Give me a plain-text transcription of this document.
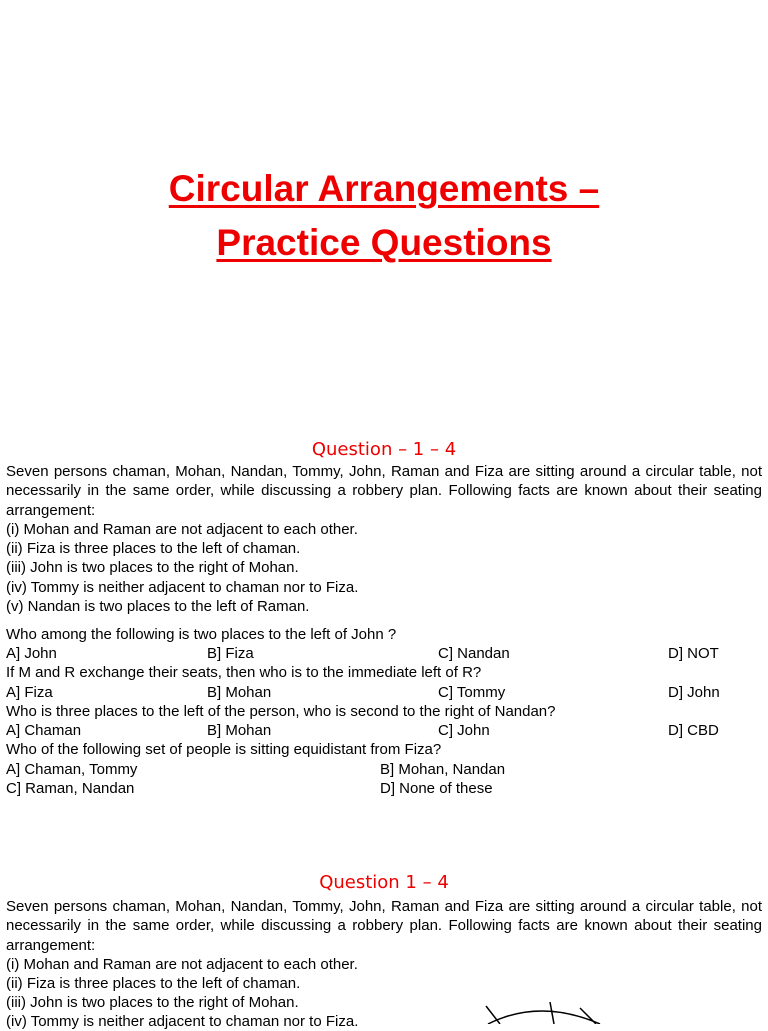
Circular Arrangements –
Practice Questions
Question – 1 – 4
Seven persons chaman, Mohan, Nandan, Tommy, John, Raman and Fiza are sitting around a circular table, not necessarily in the same order, while discussing a robbery plan. Following facts are known about their seating arrangement:
(i) Mohan and Raman are not adjacent to each other.
(ii) Fiza is three places to the left of chaman.
(iii) John is two places to the right of Mohan.
(iv) Tommy is neither adjacent to chaman nor to Fiza.
(v) Nandan is two places to the left of Raman.
Who among the following is two places to the left of John ?
A] John	B] Fiza	C] Nandan	D] NOT
If M and R exchange their seats, then who is to the immediate left of R?
A] Fiza	B] Mohan	C] Tommy	D] John
Who is three places to the left of the person, who is second to the right of Nandan?
A] Chaman	B] Mohan	C] John	D] CBD
Who of the following set of people is sitting equidistant from Fiza?
A] Chaman, Tommy	B] Mohan, Nandan
C] Raman, Nandan	D] None of these
Question 1 – 4
Seven persons chaman, Mohan, Nandan, Tommy, John, Raman and Fiza are sitting around a circular table, not necessarily in the same order, while discussing a robbery plan. Following facts are known about their seating arrangement:
(i) Mohan and Raman are not adjacent to each other.
(ii) Fiza is three places to the left of chaman.
(iii) John is two places to the right of Mohan.
(iv) Tommy is neither adjacent to chaman nor to Fiza.
